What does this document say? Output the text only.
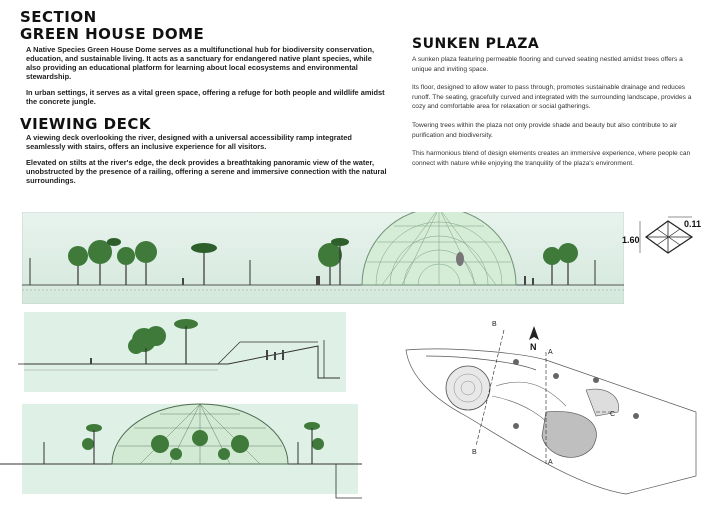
SECTION
GREEN HOUSE DOME

A Native Species Green House Dome serves as a multifunctional hub for biodiversity conservation, education, and sustainable living. It acts as a sanctuary for endangered native plant species, while also providing an educational platform for learning about local ecosystems and environmental stewardship.

In urban settings, it serves as a vital green space, offering a refuge for both people and wildlife amidst the concrete jungle.

VIEWING DECK

A viewing deck overlooking the river, designed with a universal accessibility ramp integrated seamlessly with stairs, offers an inclusive experience for all visitors.

Elevated on stilts at the river's edge, the deck provides a breathtaking panoramic view of the water, unobstructed by the presence of a railing, offering a serene and immersive connection with the natural surroundings.

SUNKEN PLAZA

A sunken plaza featuring permeable flooring and curved seating nestled amidst trees offers a unique and inviting space.

Its floor, designed to allow water to pass through, promotes sustainable drainage and reduces runoff. The seating, gracefully curved and integrated with the surrounding landscape, provides a cozy and comfortable area for relaxation or social gatherings.

Towering trees within the plaza not only provide shade and beauty but also contribute to air purification and biodiversity.

This harmonious blend of design elements creates an immersive experience, where people can connect with nature while enjoying the tranquility of the plaza's environment.

1.60
0.11
N
B
B
A
A
C
